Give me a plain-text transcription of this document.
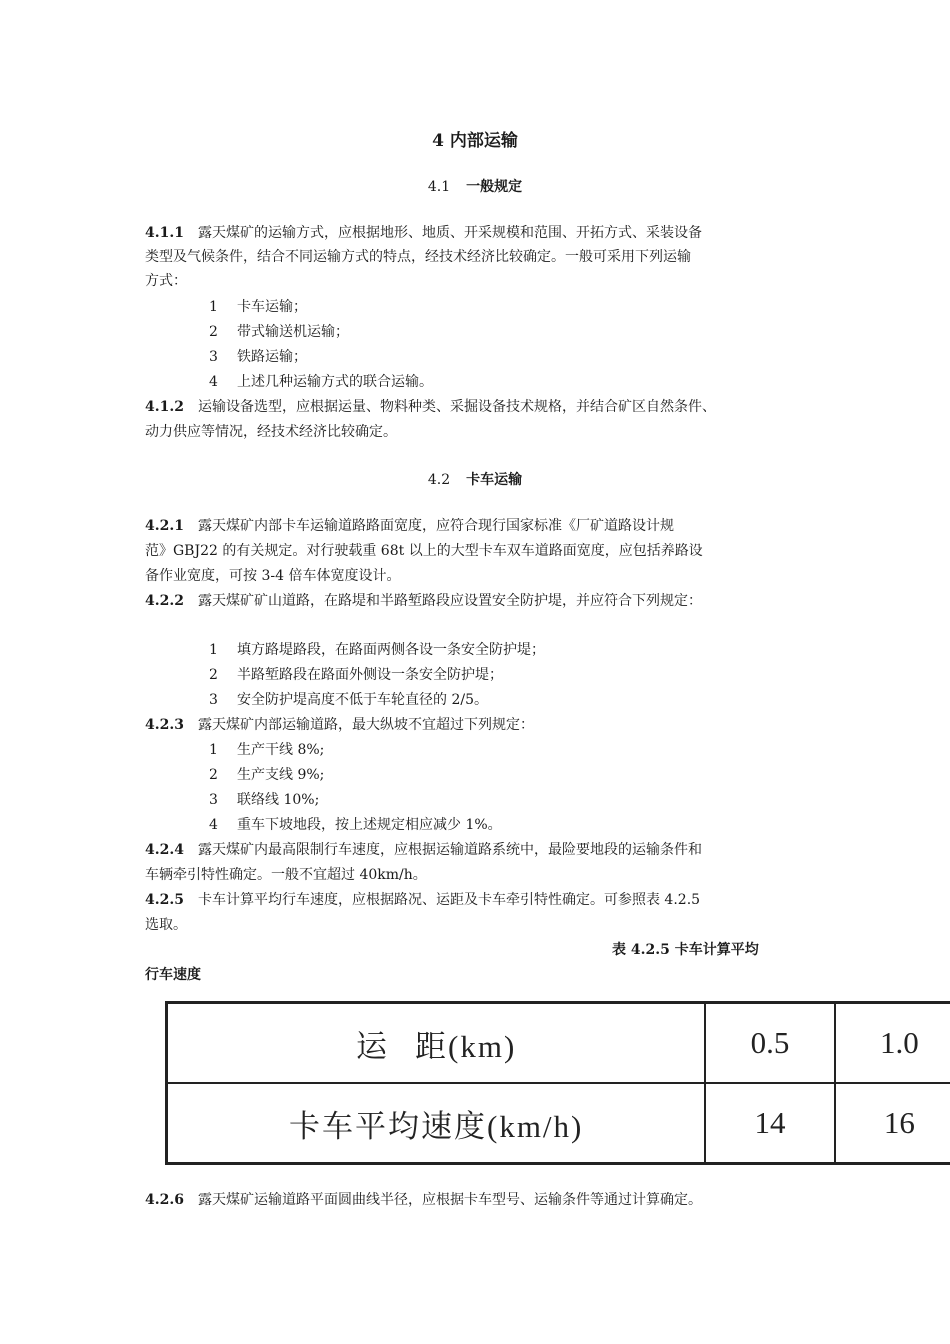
4 内部运输
4.1 一般规定
4.1.1 露天煤矿的运输方式，应根据地形、地质、开采规模和范围、开拓方式、采装设备
类型及气候条件，结合不同运输方式的特点，经技术经济比较确定。一般可采用下列运输
方式：
1 卡车运输；
2 带式输送机运输；
3 铁路运输；
4 上述几种运输方式的联合运输。
4.1.2 运输设备选型，应根据运量、物料种类、采掘设备技术规格，并结合矿区自然条件、
动力供应等情况，经技术经济比较确定。
4.2 卡车运输
4.2.1 露天煤矿内部卡车运输道路路面宽度，应符合现行国家标准《厂矿道路设计规
范》GBJ22 的有关规定。对行驶载重 68t 以上的大型卡车双车道路面宽度，应包括养路设
备作业宽度，可按 3-4 倍车体宽度设计。
4.2.2 露天煤矿矿山道路，在路堤和半路堑路段应设置安全防护堤，并应符合下列规定：
1 填方路堤路段，在路面两侧各设一条安全防护堤；
2 半路堑路段在路面外侧设一条安全防护堤；
3 安全防护堤高度不低于车轮直径的 2/5。
4.2.3 露天煤矿内部运输道路，最大纵坡不宜超过下列规定：
1 生产干线 8%;
2 生产支线 9%;
3 联络线 10%;
4 重车下坡地段，按上述规定相应减少 1%。
4.2.4 露天煤矿内最高限制行车速度，应根据运输道路系统中，最险要地段的运输条件和
车辆牵引特性确定。一般不宜超过 40km/h。
4.2.5 卡车计算平均行车速度，应根据路况、运距及卡车牵引特性确定。可参照表 4.2.5
选取。
表 4.2.5 卡车计算平均
行车速度
运距(km)	0.5	1.0
卡车平均速度(km/h)	14	16
4.2.6 露天煤矿运输道路平面圆曲线半径，应根据卡车型号、运输条件等通过计算确定。
